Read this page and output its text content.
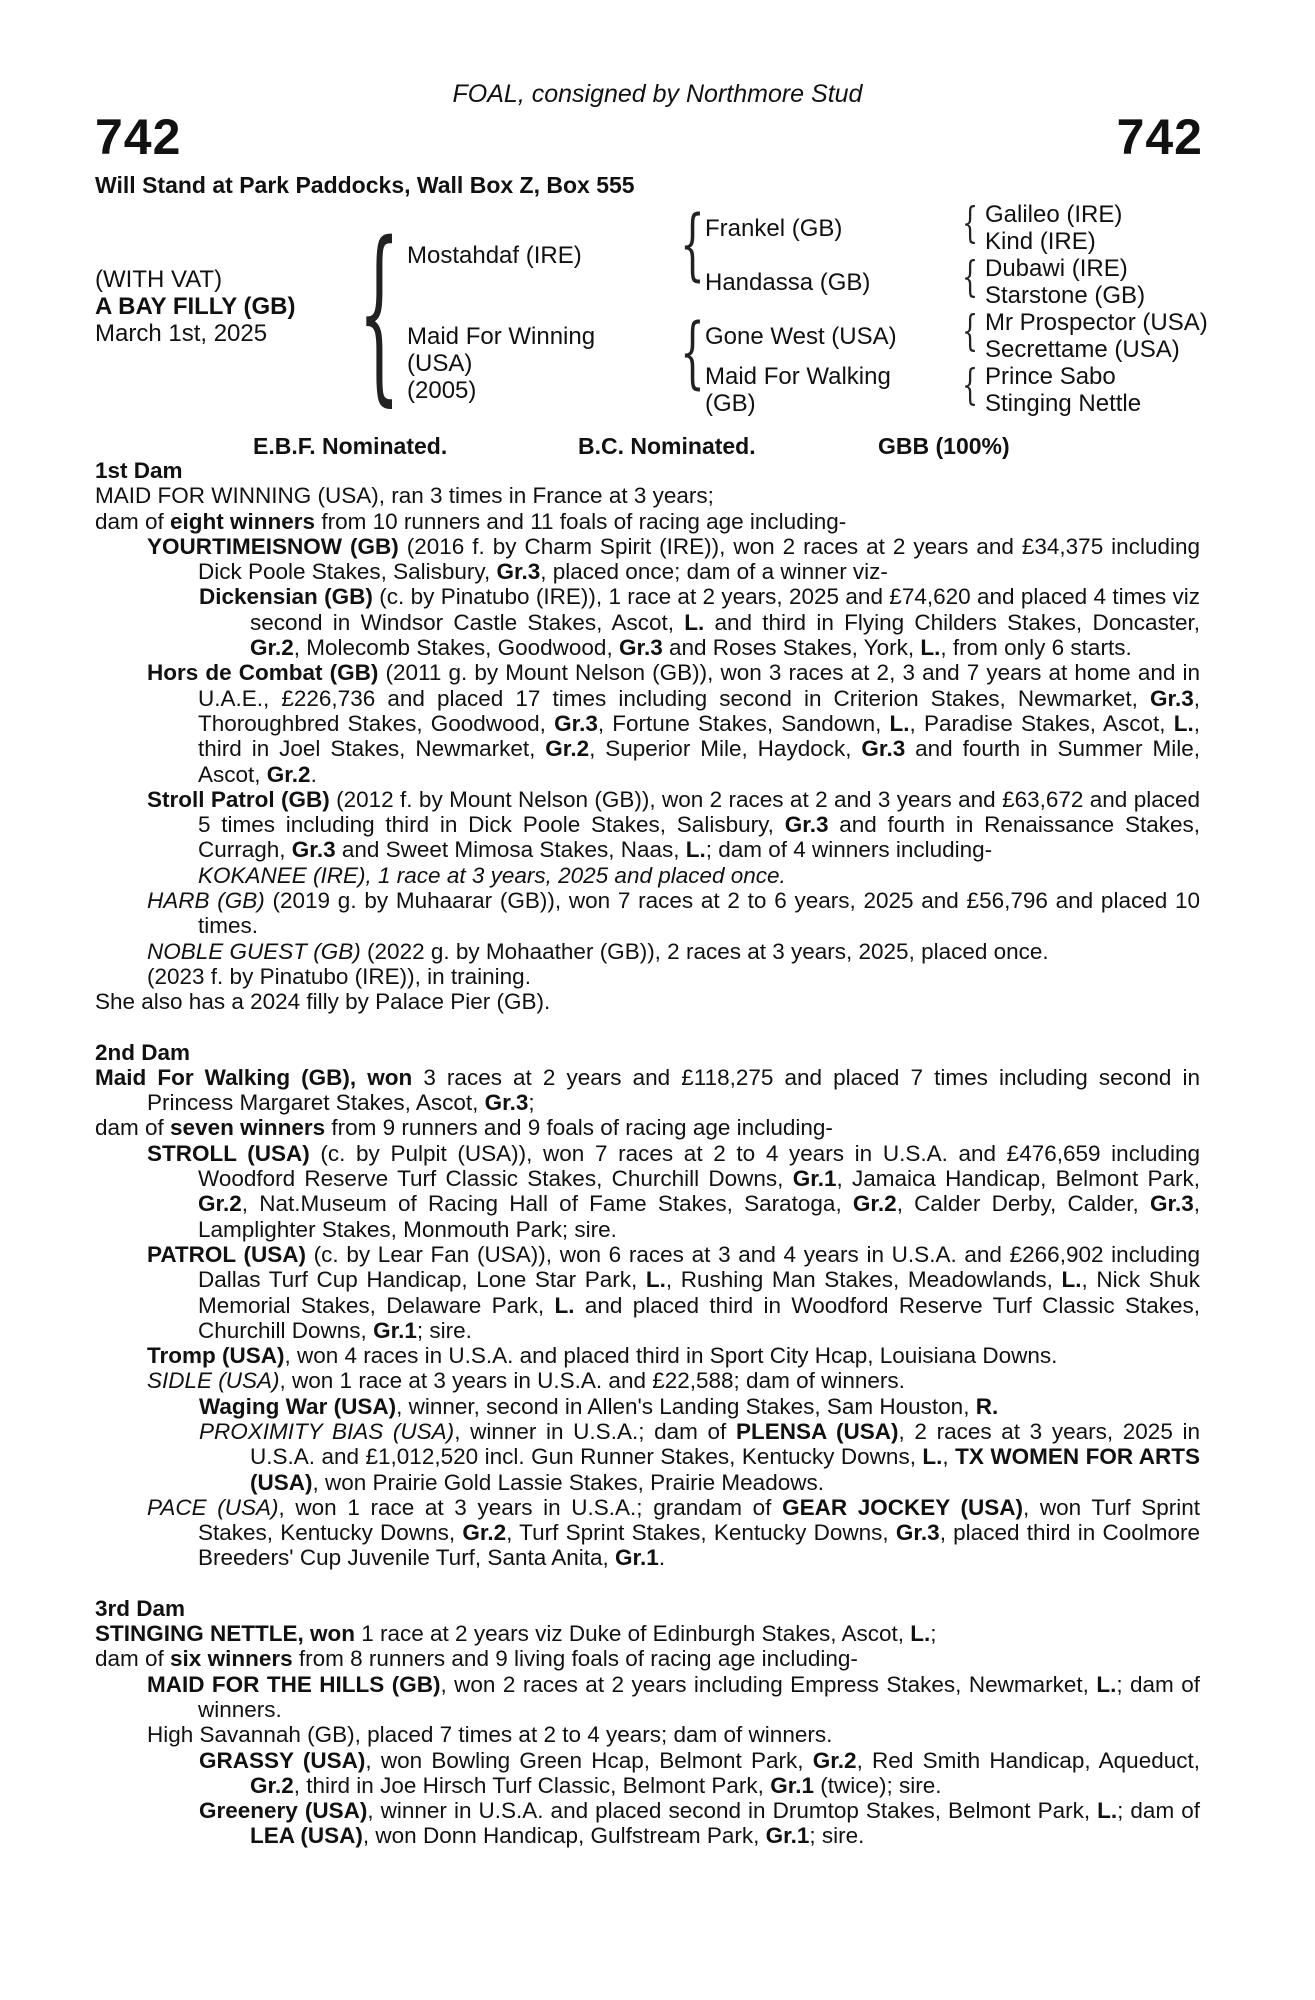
FOAL, consigned by Northmore Stud
742	742
Will Stand at Park Paddocks, Wall Box Z, Box 555
(WITH VAT)
A BAY FILLY (GB)
March 1st, 2025 {	{
{
{
{
{
{
Mostahdaf (IRE)
Maid For Winning
(USA)
(2005)
Frankel (GB)
Handassa (GB)
Gone West (USA)
Maid For Walking
(GB)
Galileo (IRE)
Kind (IRE)
Dubawi (IRE)
Starstone (GB)
Mr Prospector (USA)
Secrettame (USA)
Prince Sabo
Stinging Nettle
E.B.F. Nominated.	B.C. Nominated.	GBB (100%)

1st Dam

MAID FOR WINNING (USA), ran 3 times in France at 3 years;

dam of eight winners from 10 runners and 11 foals of racing age including-

YOURTIMEISNOW (GB) (2016 f. by Charm Spirit (IRE)), won 2 races at 2 years and £34,375 including Dick Poole Stakes, Salisbury, Gr.3, placed once; dam of a winner viz-

Dickensian (GB) (c. by Pinatubo (IRE)), 1 race at 2 years, 2025 and £74,620 and placed 4 times viz second in Windsor Castle Stakes, Ascot, L. and third in Flying Childers Stakes, Doncaster, Gr.2, Molecomb Stakes, Goodwood, Gr.3 and Roses Stakes, York, L., from only 6 starts.

Hors de Combat (GB) (2011 g. by Mount Nelson (GB)), won 3 races at 2, 3 and 7 years at home and in U.A.E., £226,736 and placed 17 times including second in Criterion Stakes, Newmarket, Gr.3, Thoroughbred Stakes, Goodwood, Gr.3, Fortune Stakes, Sandown, L., Paradise Stakes, Ascot, L., third in Joel Stakes, Newmarket, Gr.2, Superior Mile, Haydock, Gr.3 and fourth in Summer Mile, Ascot, Gr.2.

Stroll Patrol (GB) (2012 f. by Mount Nelson (GB)), won 2 races at 2 and 3 years and £63,672 and placed 5 times including third in Dick Poole Stakes, Salisbury, Gr.3 and fourth in Renaissance Stakes, Curragh, Gr.3 and Sweet Mimosa Stakes, Naas, L.; dam of 4 winners including-

KOKANEE (IRE), 1 race at 3 years, 2025 and placed once.

HARB (GB) (2019 g. by Muhaarar (GB)), won 7 races at 2 to 6 years, 2025 and £56,796 and placed 10 times.

NOBLE GUEST (GB) (2022 g. by Mohaather (GB)), 2 races at 3 years, 2025, placed once.

(2023 f. by Pinatubo (IRE)), in training.

She also has a 2024 filly by Palace Pier (GB).

2nd Dam

Maid For Walking (GB), won 3 races at 2 years and £118,275 and placed 7 times including second in Princess Margaret Stakes, Ascot, Gr.3;

dam of seven winners from 9 runners and 9 foals of racing age including-

STROLL (USA) (c. by Pulpit (USA)), won 7 races at 2 to 4 years in U.S.A. and £476,659 including Woodford Reserve Turf Classic Stakes, Churchill Downs, Gr.1, Jamaica Handicap, Belmont Park, Gr.2, Nat.Museum of Racing Hall of Fame Stakes, Saratoga, Gr.2, Calder Derby, Calder, Gr.3, Lamplighter Stakes, Monmouth Park; sire.

PATROL (USA) (c. by Lear Fan (USA)), won 6 races at 3 and 4 years in U.S.A. and £266,902 including Dallas Turf Cup Handicap, Lone Star Park, L., Rushing Man Stakes, Meadowlands, L., Nick Shuk Memorial Stakes, Delaware Park, L. and placed third in Woodford Reserve Turf Classic Stakes, Churchill Downs, Gr.1; sire.

Tromp (USA), won 4 races in U.S.A. and placed third in Sport City Hcap, Louisiana Downs.

SIDLE (USA), won 1 race at 3 years in U.S.A. and £22,588; dam of winners.

Waging War (USA), winner, second in Allen's Landing Stakes, Sam Houston, R.

PROXIMITY BIAS (USA), winner in U.S.A.; dam of PLENSA (USA), 2 races at 3 years, 2025 in U.S.A. and £1,012,520 incl. Gun Runner Stakes, Kentucky Downs, L., TX WOMEN FOR ARTS (USA), won Prairie Gold Lassie Stakes, Prairie Meadows.

PACE (USA), won 1 race at 3 years in U.S.A.; grandam of GEAR JOCKEY (USA), won Turf Sprint Stakes, Kentucky Downs, Gr.2, Turf Sprint Stakes, Kentucky Downs, Gr.3, placed third in Coolmore Breeders' Cup Juvenile Turf, Santa Anita, Gr.1.

3rd Dam

STINGING NETTLE, won 1 race at 2 years viz Duke of Edinburgh Stakes, Ascot, L.;

dam of six winners from 8 runners and 9 living foals of racing age including-

MAID FOR THE HILLS (GB), won 2 races at 2 years including Empress Stakes, Newmarket, L.; dam of winners.

High Savannah (GB), placed 7 times at 2 to 4 years; dam of winners.

GRASSY (USA), won Bowling Green Hcap, Belmont Park, Gr.2, Red Smith Handicap, Aqueduct, Gr.2, third in Joe Hirsch Turf Classic, Belmont Park, Gr.1 (twice); sire.

Greenery (USA), winner in U.S.A. and placed second in Drumtop Stakes, Belmont Park, L.; dam of LEA (USA), won Donn Handicap, Gulfstream Park, Gr.1; sire.
